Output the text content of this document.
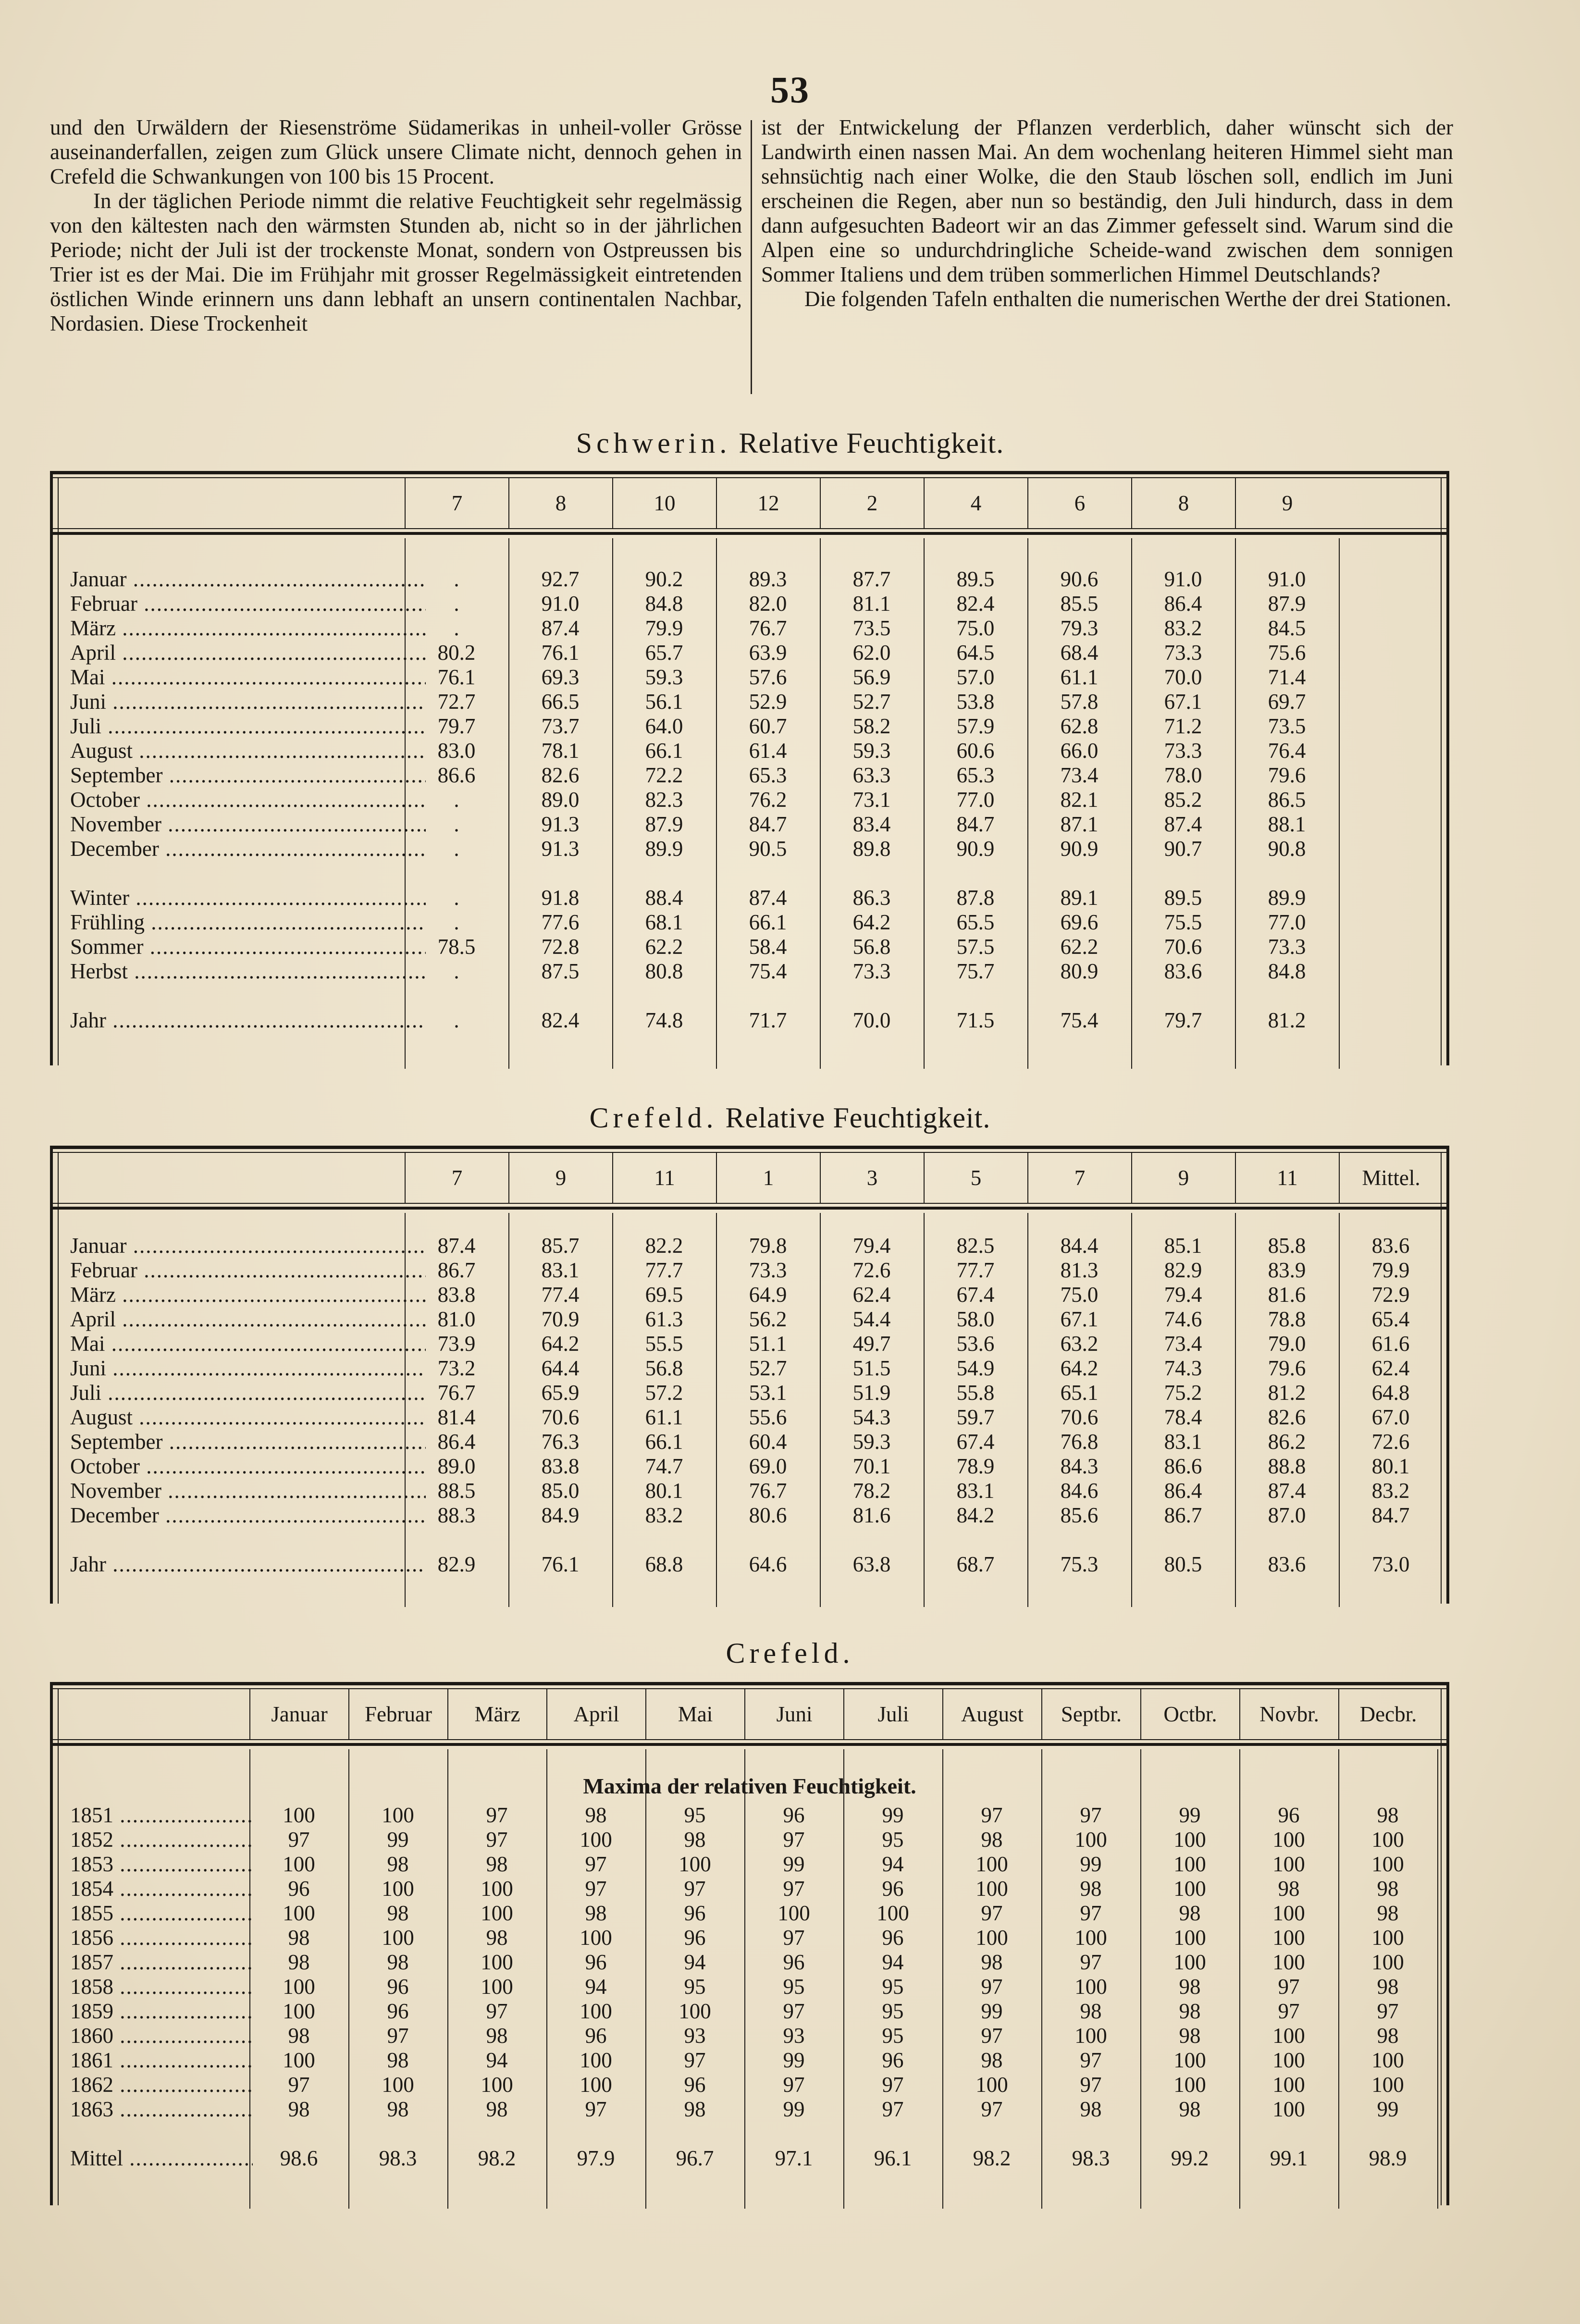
53

und den Urwäldern der Riesenströme Südamerikas in unheil-voller Grösse auseinanderfallen, zeigen zum Glück unsere Climate nicht, dennoch gehen in Crefeld die Schwankungen von 100 bis 15 Procent.

In der täglichen Periode nimmt die relative Feuchtigkeit sehr regelmässig von den kältesten nach den wärmsten Stunden ab, nicht so in der jährlichen Periode; nicht der Juli ist der trockenste Monat, sondern von Ostpreussen bis Trier ist es der Mai. Die im Frühjahr mit grosser Regelmässigkeit eintretenden östlichen Winde erinnern uns dann lebhaft an unsern continentalen Nachbar, Nordasien. Diese Trockenheit

ist der Entwickelung der Pflanzen verderblich, daher wünscht sich der Landwirth einen nassen Mai. An dem wochenlang heiteren Himmel sieht man sehnsüchtig nach einer Wolke, die den Staub löschen soll, endlich im Juni erscheinen die Regen, aber nun so beständig, den Juli hindurch, dass in dem dann aufgesuchten Badeort wir an das Zimmer gefesselt sind. Warum sind die Alpen eine so undurchdringliche Scheide-wand zwischen dem sonnigen Sommer Italiens und dem trüben sommerlichen Himmel Deutschlands?

Die folgenden Tafeln enthalten die numerischen Werthe der drei Stationen.

Schwerin. Relative Feuchtigkeit.
7	8	10	12	2	4	6	8	9
Januar .....	.	92.7	90.2	89.3	87.7	89.5	90.6	91.0	91.0
Februar .....	.	91.0	84.8	82.0	81.1	82.4	85.5	86.4	87.9
März .....	.	87.4	79.9	76.7	73.5	75.0	79.3	83.2	84.5
April .....	80.2	76.1	65.7	63.9	62.0	64.5	68.4	73.3	75.6
Mai .....	76.1	69.3	59.3	57.6	56.9	57.0	61.1	70.0	71.4
Juni .....	72.7	66.5	56.1	52.9	52.7	53.8	57.8	67.1	69.7
Juli .....	79.7	73.7	64.0	60.7	58.2	57.9	62.8	71.2	73.5
August .....	83.0	78.1	66.1	61.4	59.3	60.6	66.0	73.3	76.4
September .....	86.6	82.6	72.2	65.3	63.3	65.3	73.4	78.0	79.6
October .....	.	89.0	82.3	76.2	73.1	77.0	82.1	85.2	86.5
November .....	.	91.3	87.9	84.7	83.4	84.7	87.1	87.4	88.1
December .....	.	91.3	89.9	90.5	89.8	90.9	90.9	90.7	90.8
Winter .....	.	91.8	88.4	87.4	86.3	87.8	89.1	89.5	89.9
Frühling .....	.	77.6	68.1	66.1	64.2	65.5	69.6	75.5	77.0
Sommer .....	78.5	72.8	62.2	58.4	56.8	57.5	62.2	70.6	73.3
Herbst .....	.	87.5	80.8	75.4	73.3	75.7	80.9	83.6	84.8
Jahr .....	.	82.4	74.8	71.7	70.0	71.5	75.4	79.7	81.2
Crefeld. Relative Feuchtigkeit.
7	9	11	1	3	5	7	9	11	Mittel.
Januar .....	87.4	85.7	82.2	79.8	79.4	82.5	84.4	85.1	85.8	83.6
Februar .....	86.7	83.1	77.7	73.3	72.6	77.7	81.3	82.9	83.9	79.9
März .....	83.8	77.4	69.5	64.9	62.4	67.4	75.0	79.4	81.6	72.9
April .....	81.0	70.9	61.3	56.2	54.4	58.0	67.1	74.6	78.8	65.4
Mai .....	73.9	64.2	55.5	51.1	49.7	53.6	63.2	73.4	79.0	61.6
Juni .....	73.2	64.4	56.8	52.7	51.5	54.9	64.2	74.3	79.6	62.4
Juli .....	76.7	65.9	57.2	53.1	51.9	55.8	65.1	75.2	81.2	64.8
August .....	81.4	70.6	61.1	55.6	54.3	59.7	70.6	78.4	82.6	67.0
September .....	86.4	76.3	66.1	60.4	59.3	67.4	76.8	83.1	86.2	72.6
October .....	89.0	83.8	74.7	69.0	70.1	78.9	84.3	86.6	88.8	80.1
November .....	88.5	85.0	80.1	76.7	78.2	83.1	84.6	86.4	87.4	83.2
December .....	88.3	84.9	83.2	80.6	81.6	84.2	85.6	86.7	87.0	84.7
Jahr .....	82.9	76.1	68.8	64.6	63.8	68.7	75.3	80.5	83.6	73.0
Crefeld.
Januar	Februar	März	April	Mai	Juni	Juli	August	Septbr.	Octbr.	Novbr.	Decbr.
Maxima der relativen Feuchtigkeit.
1851 .....	100	100	97	98	95	96	99	97	97	99	96	98
1852 .....	97	99	97	100	98	97	95	98	100	100	100	100
1853 .....	100	98	98	97	100	99	94	100	99	100	100	100
1854 .....	96	100	100	97	97	97	96	100	98	100	98	98
1855 .....	100	98	100	98	96	100	100	97	97	98	100	98
1856 .....	98	100	98	100	96	97	96	100	100	100	100	100
1857 .....	98	98	100	96	94	96	94	98	97	100	100	100
1858 .....	100	96	100	94	95	95	95	97	100	98	97	98
1859 .....	100	96	97	100	100	97	95	99	98	98	97	97
1860 .....	98	97	98	96	93	93	95	97	100	98	100	98
1861 .....	100	98	94	100	97	99	96	98	97	100	100	100
1862 .....	97	100	100	100	96	97	97	100	97	100	100	100
1863 .....	98	98	98	97	98	99	97	97	98	98	100	99
Mittel .....	98.6	98.3	98.2	97.9	96.7	97.1	96.1	98.2	98.3	99.2	99.1	98.9
